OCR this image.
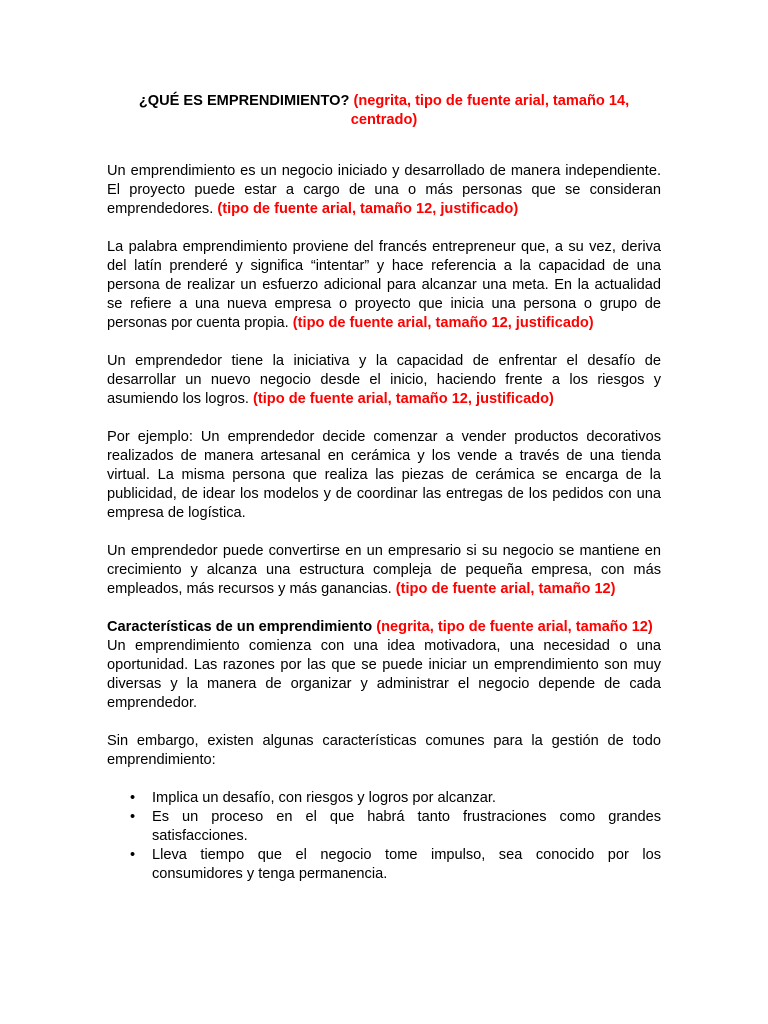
¿QUÉ ES EMPRENDIMIENTO? (negrita, tipo de fuente arial, tamaño 14, centrado)

Un emprendimiento es un negocio iniciado y desarrollado de manera independiente. El proyecto puede estar a cargo de una o más personas que se consideran emprendedores. (tipo de fuente arial, tamaño 12, justificado)

La palabra emprendimiento proviene del francés entrepreneur que, a su vez, deriva del latín prenderé y significa “intentar” y hace referencia a la capacidad de una persona de realizar un esfuerzo adicional para alcanzar una meta. En la actualidad se refiere a una nueva empresa o proyecto que inicia una persona o grupo de personas por cuenta propia. (tipo de fuente arial, tamaño 12, justificado)

Un emprendedor tiene la iniciativa y la capacidad de enfrentar el desafío de desarrollar un nuevo negocio desde el inicio, haciendo frente a los riesgos y asumiendo los logros. (tipo de fuente arial, tamaño 12, justificado)

Por ejemplo: Un emprendedor decide comenzar a vender productos decorativos realizados de manera artesanal en cerámica y los vende a través de una tienda virtual. La misma persona que realiza las piezas de cerámica se encarga de la publicidad, de idear los modelos y de coordinar las entregas de los pedidos con una empresa de logística.

Un emprendedor puede convertirse en un empresario si su negocio se mantiene en crecimiento y alcanza una estructura compleja de pequeña empresa, con más empleados, más recursos y más ganancias. (tipo de fuente arial, tamaño 12)

Características de un emprendimiento (negrita, tipo de fuente arial, tamaño 12)

Un emprendimiento comienza con una idea motivadora, una necesidad o una oportunidad. Las razones por las que se puede iniciar un emprendimiento son muy diversas y la manera de organizar y administrar el negocio depende de cada emprendedor.

Sin embargo, existen algunas características comunes para la gestión de todo emprendimiento:

• Implica un desafío, con riesgos y logros por alcanzar.
• Es un proceso en el que habrá tanto frustraciones como grandes satisfacciones.
• Lleva tiempo que el negocio tome impulso, sea conocido por los consumidores y tenga permanencia.
